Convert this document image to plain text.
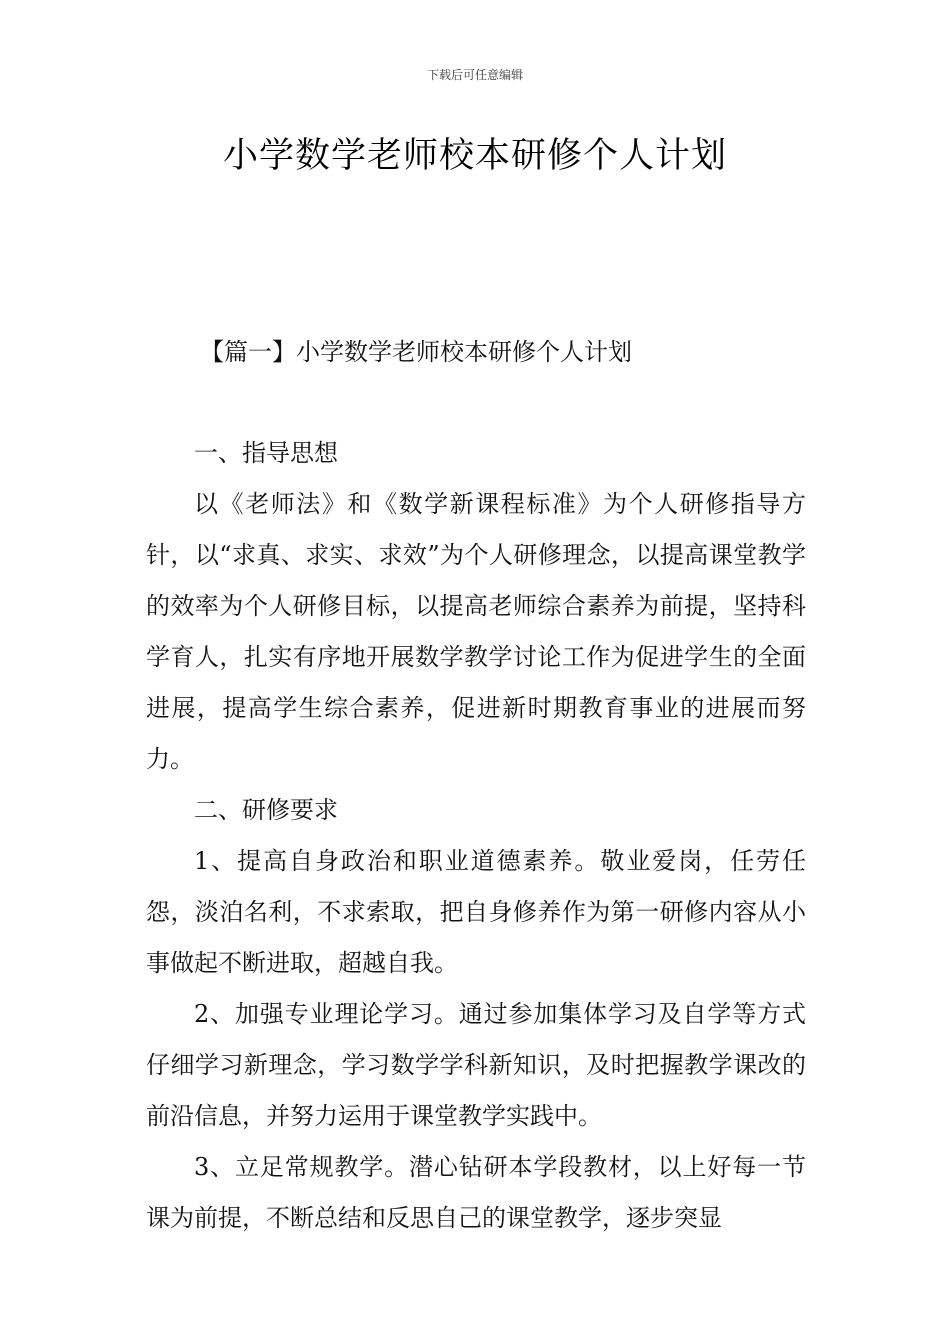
下载后可任意编辑
小学数学老师校本研修个人计划
【篇一】小学数学老师校本研修个人计划

一、指导思想

以《老师法》和《数学新课程标准》为个人研修指导方针，以“求真、求实、求效”为个人研修理念，以提高课堂教学的效率为个人研修目标，以提高老师综合素养为前提，坚持科学育人，扎实有序地开展数学教学讨论工作为促进学生的全面进展，提高学生综合素养，促进新时期教育事业的进展而努力。

二、研修要求

1、提高自身政治和职业道德素养。敬业爱岗，任劳任怨，淡泊名利，不求索取，把自身修养作为第一研修内容从小事做起不断进取，超越自我。

2、加强专业理论学习。通过参加集体学习及自学等方式仔细学习新理念，学习数学学科新知识，及时把握教学课改的前沿信息，并努力运用于课堂教学实践中。

3、立足常规教学。潜心钻研本学段教材，以上好每一节课为前提，不断总结和反思自己的课堂教学，逐步突显
